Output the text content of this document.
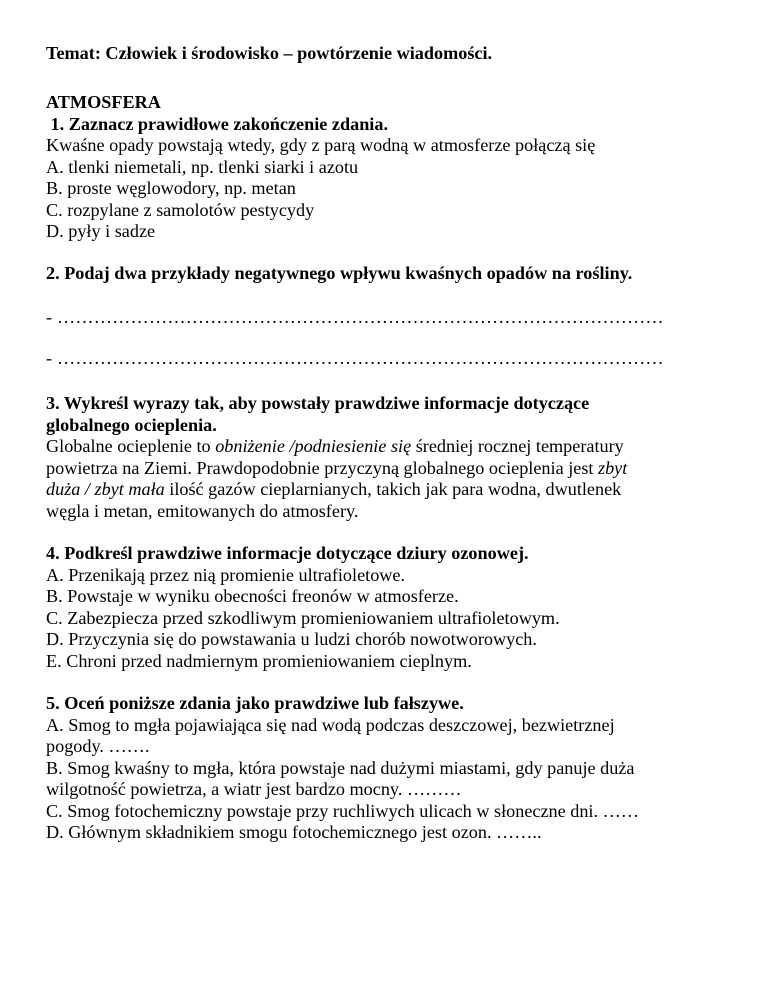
Temat: Człowiek i środowisko – powtórzenie wiadomości.
ATMOSFERA
1. Zaznacz prawidłowe zakończenie zdania.
Kwaśne opady powstają wtedy, gdy z parą wodną w atmosferze połączą się
A. tlenki niemetali, np. tlenki siarki i azotu
B. proste węglowodory, np. metan
C. rozpylane z samolotów pestycydy
D. pyły i sadze
2. Podaj dwa przykłady negatywnego wpływu kwaśnych opadów na rośliny.
- ………………………………………………………………………………………
- ………………………………………………………………………………………
3. Wykreśl wyrazy tak, aby powstały prawdziwe informacje dotyczące
globalnego ocieplenia.
Globalne ocieplenie to obniżenie /podniesienie się średniej rocznej temperatury
powietrza na Ziemi. Prawdopodobnie przyczyną globalnego ocieplenia jest zbyt
duża / zbyt mała ilość gazów cieplarnianych, takich jak para wodna, dwutlenek
węgla i metan, emitowanych do atmosfery.
4. Podkreśl prawdziwe informacje dotyczące dziury ozonowej.
A. Przenikają przez nią promienie ultrafioletowe.
B. Powstaje w wyniku obecności freonów w atmosferze.
C. Zabezpiecza przed szkodliwym promieniowaniem ultrafioletowym.
D. Przyczynia się do powstawania u ludzi chorób nowotworowych.
E. Chroni przed nadmiernym promieniowaniem cieplnym.
5. Oceń poniższe zdania jako prawdziwe lub fałszywe.
A. Smog to mgła pojawiająca się nad wodą podczas deszczowej, bezwietrznej
pogody. …….
B. Smog kwaśny to mgła, która powstaje nad dużymi miastami, gdy panuje duża
wilgotność powietrza, a wiatr jest bardzo mocny. ………
C. Smog fotochemiczny powstaje przy ruchliwych ulicach w słoneczne dni. ……
D. Głównym składnikiem smogu fotochemicznego jest ozon. ……..
